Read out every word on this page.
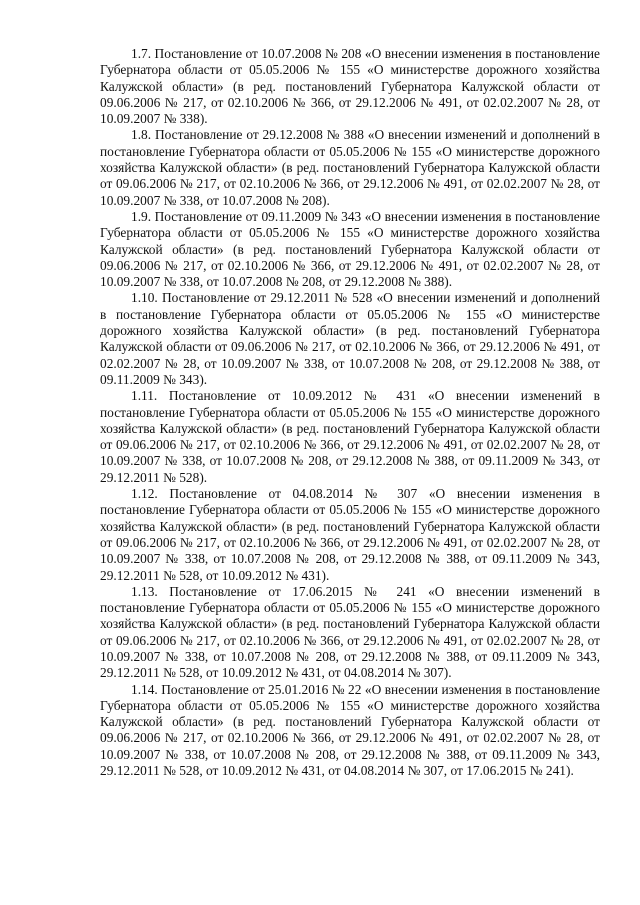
1.7. Постановление от 10.07.2008 № 208 «О внесении изменения в постановление Губернатора области от 05.05.2006 № 155 «О министерстве дорожного хозяйства Калужской области» (в ред. постановлений Губернатора Калужской области от 09.06.2006 № 217, от 02.10.2006 № 366, от 29.12.2006 № 491, от 02.02.2007 № 28, от 10.09.2007 № 338).

1.8. Постановление от 29.12.2008 № 388 «О внесении изменений и дополнений в постановление Губернатора области от 05.05.2006 № 155 «О министерстве дорожного хозяйства Калужской области» (в ред. постановлений Губернатора Калужской области от 09.06.2006 № 217, от 02.10.2006 № 366, от 29.12.2006 № 491, от 02.02.2007 № 28, от 10.09.2007 № 338, от 10.07.2008 № 208).

1.9. Постановление от 09.11.2009 № 343 «О внесении изменения в постановление Губернатора области от 05.05.2006 № 155 «О министерстве дорожного хозяйства Калужской области» (в ред. постановлений Губернатора Калужской области от 09.06.2006 № 217, от 02.10.2006 № 366, от 29.12.2006 № 491, от 02.02.2007 № 28, от 10.09.2007 № 338, от 10.07.2008 № 208, от 29.12.2008 № 388).

1.10. Постановление от 29.12.2011 № 528 «О внесении изменений и дополнений в постановление Губернатора области от 05.05.2006 № 155 «О министерстве дорожного хозяйства Калужской области» (в ред. постановлений Губернатора Калужской области от 09.06.2006 № 217, от 02.10.2006 № 366, от 29.12.2006 № 491, от 02.02.2007 № 28, от 10.09.2007 № 338, от 10.07.2008 № 208, от 29.12.2008 № 388, от 09.11.2009 № 343).

1.11. Постановление от 10.09.2012 № 431 «О внесении изменений в постановление Губернатора области от 05.05.2006 № 155 «О министерстве дорожного хозяйства Калужской области» (в ред. постановлений Губернатора Калужской области от 09.06.2006 № 217, от 02.10.2006 № 366, от 29.12.2006 № 491, от 02.02.2007 № 28, от 10.09.2007 № 338, от 10.07.2008 № 208, от 29.12.2008 № 388, от 09.11.2009 № 343, от 29.12.2011 № 528).

1.12. Постановление от 04.08.2014 № 307 «О внесении изменения в постановление Губернатора области от 05.05.2006 № 155 «О министерстве дорожного хозяйства Калужской области» (в ред. постановлений Губернатора Калужской области от 09.06.2006 № 217, от 02.10.2006 № 366, от 29.12.2006 № 491, от 02.02.2007 № 28, от 10.09.2007 № 338, от 10.07.2008 № 208, от 29.12.2008 № 388, от 09.11.2009 № 343, 29.12.2011 № 528, от 10.09.2012 № 431).

1.13. Постановление от 17.06.2015 № 241 «О внесении изменений в постановление Губернатора области от 05.05.2006 № 155 «О министерстве дорожного хозяйства Калужской области» (в ред. постановлений Губернатора Калужской области от 09.06.2006 № 217, от 02.10.2006 № 366, от 29.12.2006 № 491, от 02.02.2007 № 28, от 10.09.2007 № 338, от 10.07.2008 № 208, от 29.12.2008 № 388, от 09.11.2009 № 343, 29.12.2011 № 528, от 10.09.2012 № 431, от 04.08.2014 № 307).

1.14. Постановление от 25.01.2016 № 22 «О внесении изменения в постановление Губернатора области от 05.05.2006 № 155 «О министерстве дорожного хозяйства Калужской области» (в ред. постановлений Губернатора Калужской области от 09.06.2006 № 217, от 02.10.2006 № 366, от 29.12.2006 № 491, от 02.02.2007 № 28, от 10.09.2007 № 338, от 10.07.2008 № 208, от 29.12.2008 № 388, от 09.11.2009 № 343, 29.12.2011 № 528, от 10.09.2012 № 431, от 04.08.2014 № 307, от 17.06.2015 № 241).
